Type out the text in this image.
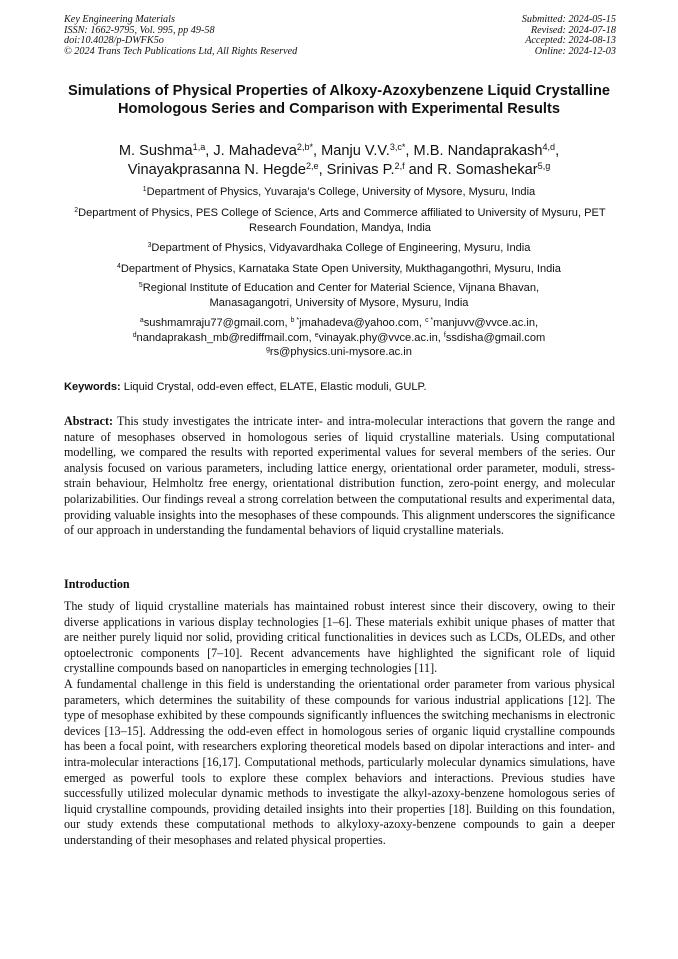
Key Engineering Materials
ISSN: 1662-9795, Vol. 995, pp 49-58
doi:10.4028/p-DWFK5o
© 2024 Trans Tech Publications Ltd, All Rights Reserved
Submitted: 2024-05-15
Revised: 2024-07-18
Accepted: 2024-08-13
Online: 2024-12-03
Simulations of Physical Properties of Alkoxy-Azoxybenzene Liquid Crystalline Homologous Series and Comparison with Experimental Results
M. Sushma$^{1,a}$, J. Mahadeva$^{2,b*}$, Manju V.V.$^{3,c*}$, M.B. Nandaprakash$^{4,d}$,
Vinayakprasanna N. Hegde$^{2,e}$, Srinivas P.$^{2,f}$ and R. Somashekar$^{5,g}$
$^1$Department of Physics, Yuvaraja’s College, University of Mysore, Mysuru, India
$^2$Department of Physics, PES College of Science, Arts and Commerce affiliated to University of Mysuru, PET Research Foundation, Mandya, India
$^3$Department of Physics, Vidyavardhaka College of Engineering, Mysuru, India
$^4$Department of Physics, Karnataka State Open University, Mukthagangothri, Mysuru, India
$^5$Regional Institute of Education and Center for Material Science, Vijnana Bhavan, Manasagangotri, University of Mysore, Mysuru, India
$^a$sushmamraju77@gmail.com, $^{b *}$jmahadeva@yahoo.com, $^{c *}$manjuvv@vvce.ac.in,
$^d$nandaprakash_mb@rediffmail.com, $^e$vinayak.phy@vvce.ac.in, $^f$ssdisha@gmail.com
$^g$rs@physics.uni-mysore.ac.in
Keywords: Liquid Crystal, odd-even effect, ELATE, Elastic moduli, GULP.
Abstract: This study investigates the intricate inter- and intra-molecular interactions that govern the range and nature of mesophases observed in homologous series of liquid crystalline materials. Using computational modelling, we compared the results with reported experimental values for several members of the series. Our analysis focused on various parameters, including lattice energy, orientational order parameter, moduli, stress-strain behaviour, Helmholtz free energy, orientational distribution function, zero-point energy, and molecular polarizabilities. Our findings reveal a strong correlation between the computational results and experimental data, providing valuable insights into the mesophases of these compounds. This alignment underscores the significance of our approach in understanding the fundamental behaviors of liquid crystalline materials.
Introduction

The study of liquid crystalline materials has maintained robust interest since their discovery, owing to their diverse applications in various display technologies [1–6]. These materials exhibit unique phases of matter that are neither purely liquid nor solid, providing critical functionalities in devices such as LCDs, OLEDs, and other optoelectronic components [7–10]. Recent advancements have highlighted the significant role of liquid crystalline compounds based on nanoparticles in emerging technologies [11].

A fundamental challenge in this field is understanding the orientational order parameter from various physical parameters, which determines the suitability of these compounds for various industrial applications [12]. The type of mesophase exhibited by these compounds significantly influences the switching mechanisms in electronic devices [13–15]. Addressing the odd-even effect in homologous series of organic liquid crystalline compounds has been a focal point, with researchers exploring theoretical models based on dipolar interactions and inter- and intra-molecular interactions [16,17]. Computational methods, particularly molecular dynamics simulations, have emerged as powerful tools to explore these complex behaviors and interactions. Previous studies have successfully utilized molecular dynamic methods to investigate the alkyl-azoxy-benzene homologous series of liquid crystalline compounds, providing detailed insights into their properties [18]. Building on this foundation, our study extends these computational methods to alkyloxy-azoxy-benzene compounds to gain a deeper understanding of their mesophases and related physical properties.
